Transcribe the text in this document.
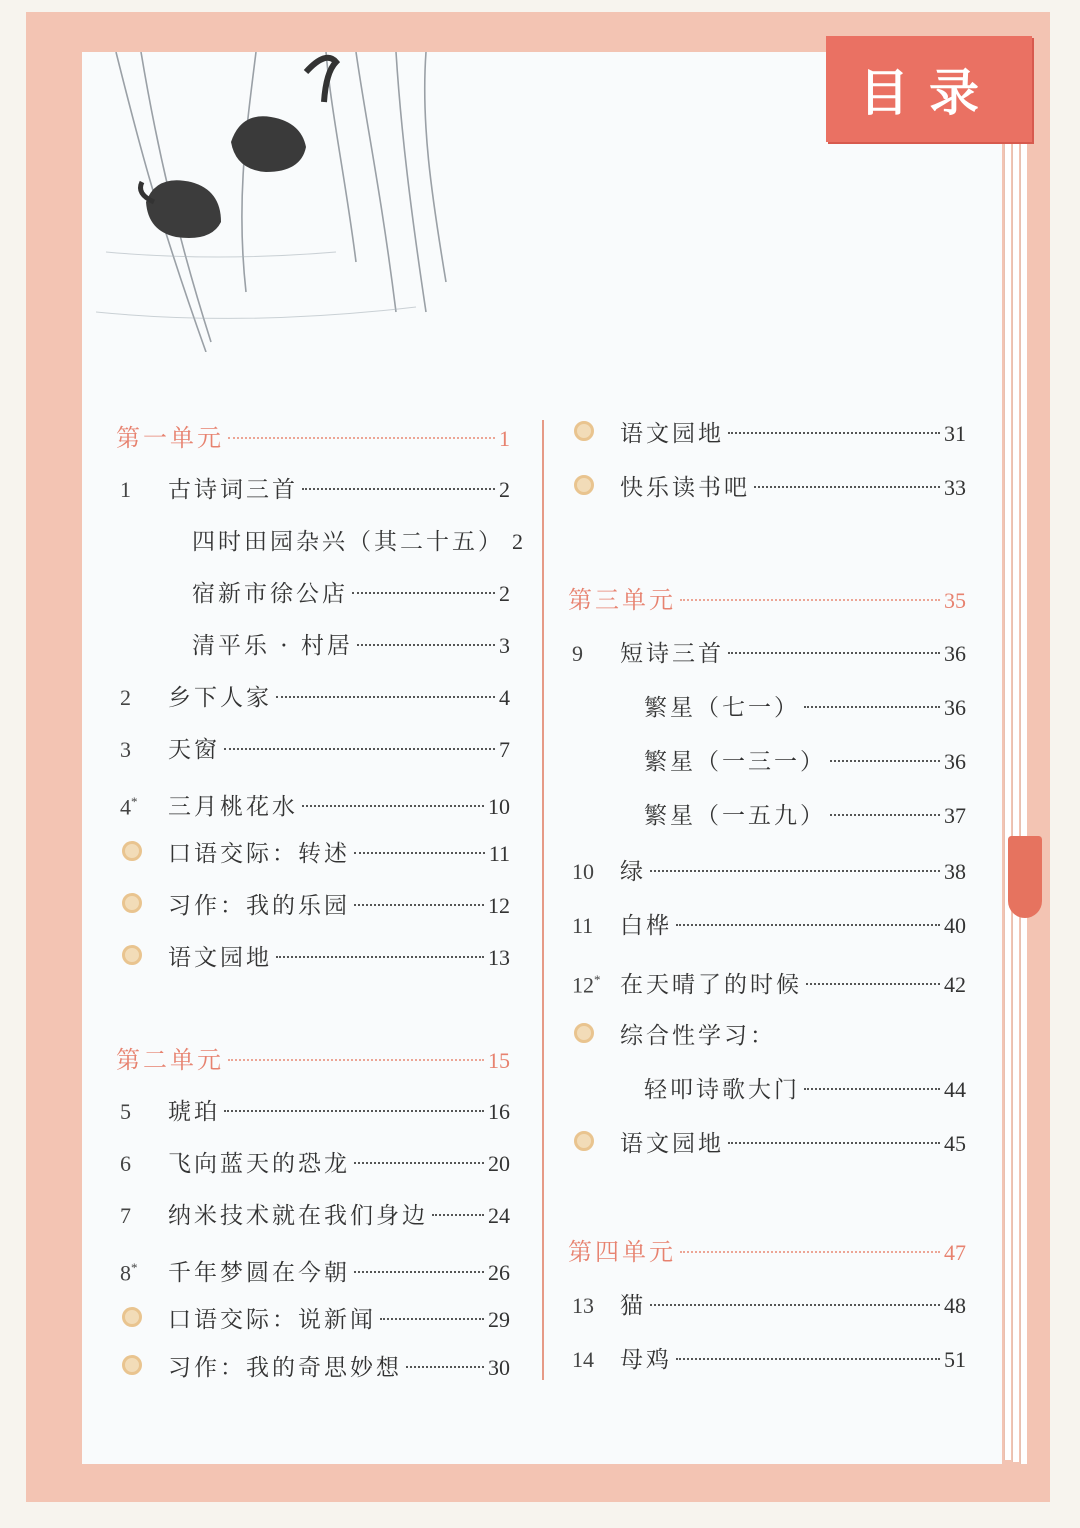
目录
第一单元	1
1	古诗词三首	2
四时田园杂兴（其二十五） 2
宿新市徐公店	2
清平乐 · 村居	3
2	乡下人家	4
3	天窗	7
4*	三月桃花水	10
口语交际：转述	11
习作：我的乐园	12
语文园地	13
第二单元	15
5	琥珀	16
6	飞向蓝天的恐龙	20
7	纳米技术就在我们身边	24
8*	千年梦圆在今朝	26
口语交际：说新闻	29
习作：我的奇思妙想	30
语文园地	31
快乐读书吧	33
第三单元	35
9	短诗三首	36
繁星（七一）	36
繁星（一三一）	36
繁星（一五九）	37
10	绿	38
11	白桦	40
12* 在天晴了的时候	42
综合性学习：
轻叩诗歌大门	44
语文园地	45
第四单元	47
13	猫	48
14	母鸡	51
